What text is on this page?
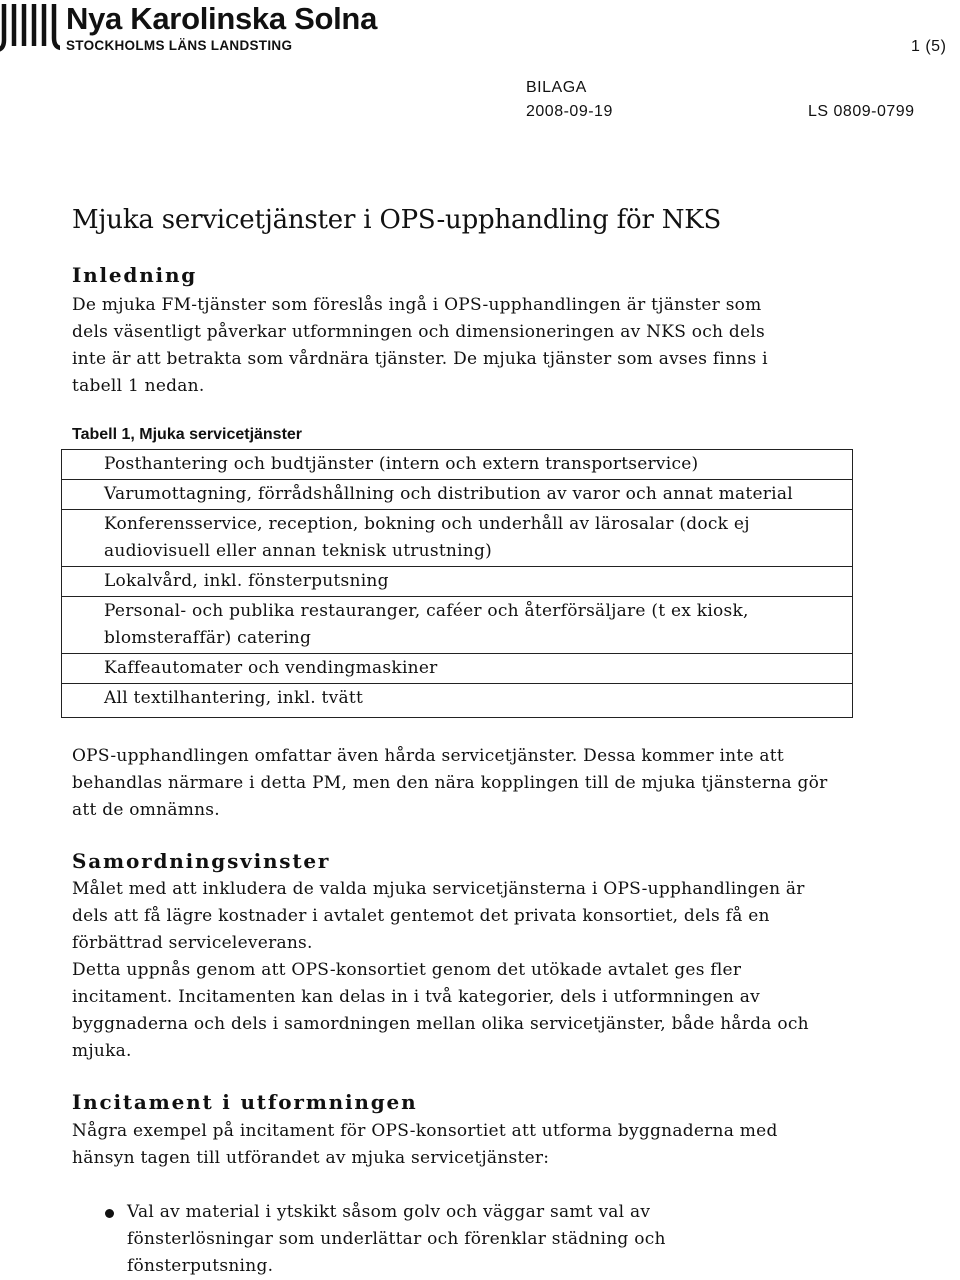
Nya Karolinska Solna
STOCKHOLMS LÄNS LANDSTING	1 (5)
BILAGA
2008-09-19	LS 0809-0799
Mjuka servicetjänster i OPS-upphandling för NKS
Inledning

De mjuka FM-tjänster som föreslås ingå i OPS-upphandlingen är tjänster som dels väsentligt påverkar utformningen och dimensioneringen av NKS och dels inte är att betrakta som vårdnära tjänster. De mjuka tjänster som avses finns i tabell 1 nedan.

Tabell 1, Mjuka servicetjänster
Posthantering och budtjänster (intern och extern transportservice)
Varumottagning, förrådshållning och distribution av varor och annat material
Konferensservice, reception, bokning och underhåll av lärosalar (dock ej audiovisuell eller annan teknisk utrustning)
Lokalvård, inkl. fönsterputsning
Personal- och publika restauranger, caféer och återförsäljare (t ex kiosk, blomsteraffär) catering
Kaffeautomater och vendingmaskiner
All textilhantering, inkl. tvätt

OPS-upphandlingen omfattar även hårda servicetjänster. Dessa kommer inte att behandlas närmare i detta PM, men den nära kopplingen till de mjuka tjänsterna gör att de omnämns.

Samordningsvinster

Målet med att inkludera de valda mjuka servicetjänsterna i OPS-upphandlingen är dels att få lägre kostnader i avtalet gentemot det privata konsortiet, dels få en förbättrad serviceleverans.

Detta uppnås genom att OPS-konsortiet genom det utökade avtalet ges fler incitament. Incitamenten kan delas in i två kategorier, dels i utformningen av byggnaderna och dels i samordningen mellan olika servicetjänster, både hårda och mjuka.

Incitament i utformningen

Några exempel på incitament för OPS-konsortiet att utforma byggnaderna med hänsyn tagen till utförandet av mjuka servicetjänster:

Val av material i ytskikt såsom golv och väggar samt val av fönsterlösningar som underlättar och förenklar städning och fönsterputsning.
